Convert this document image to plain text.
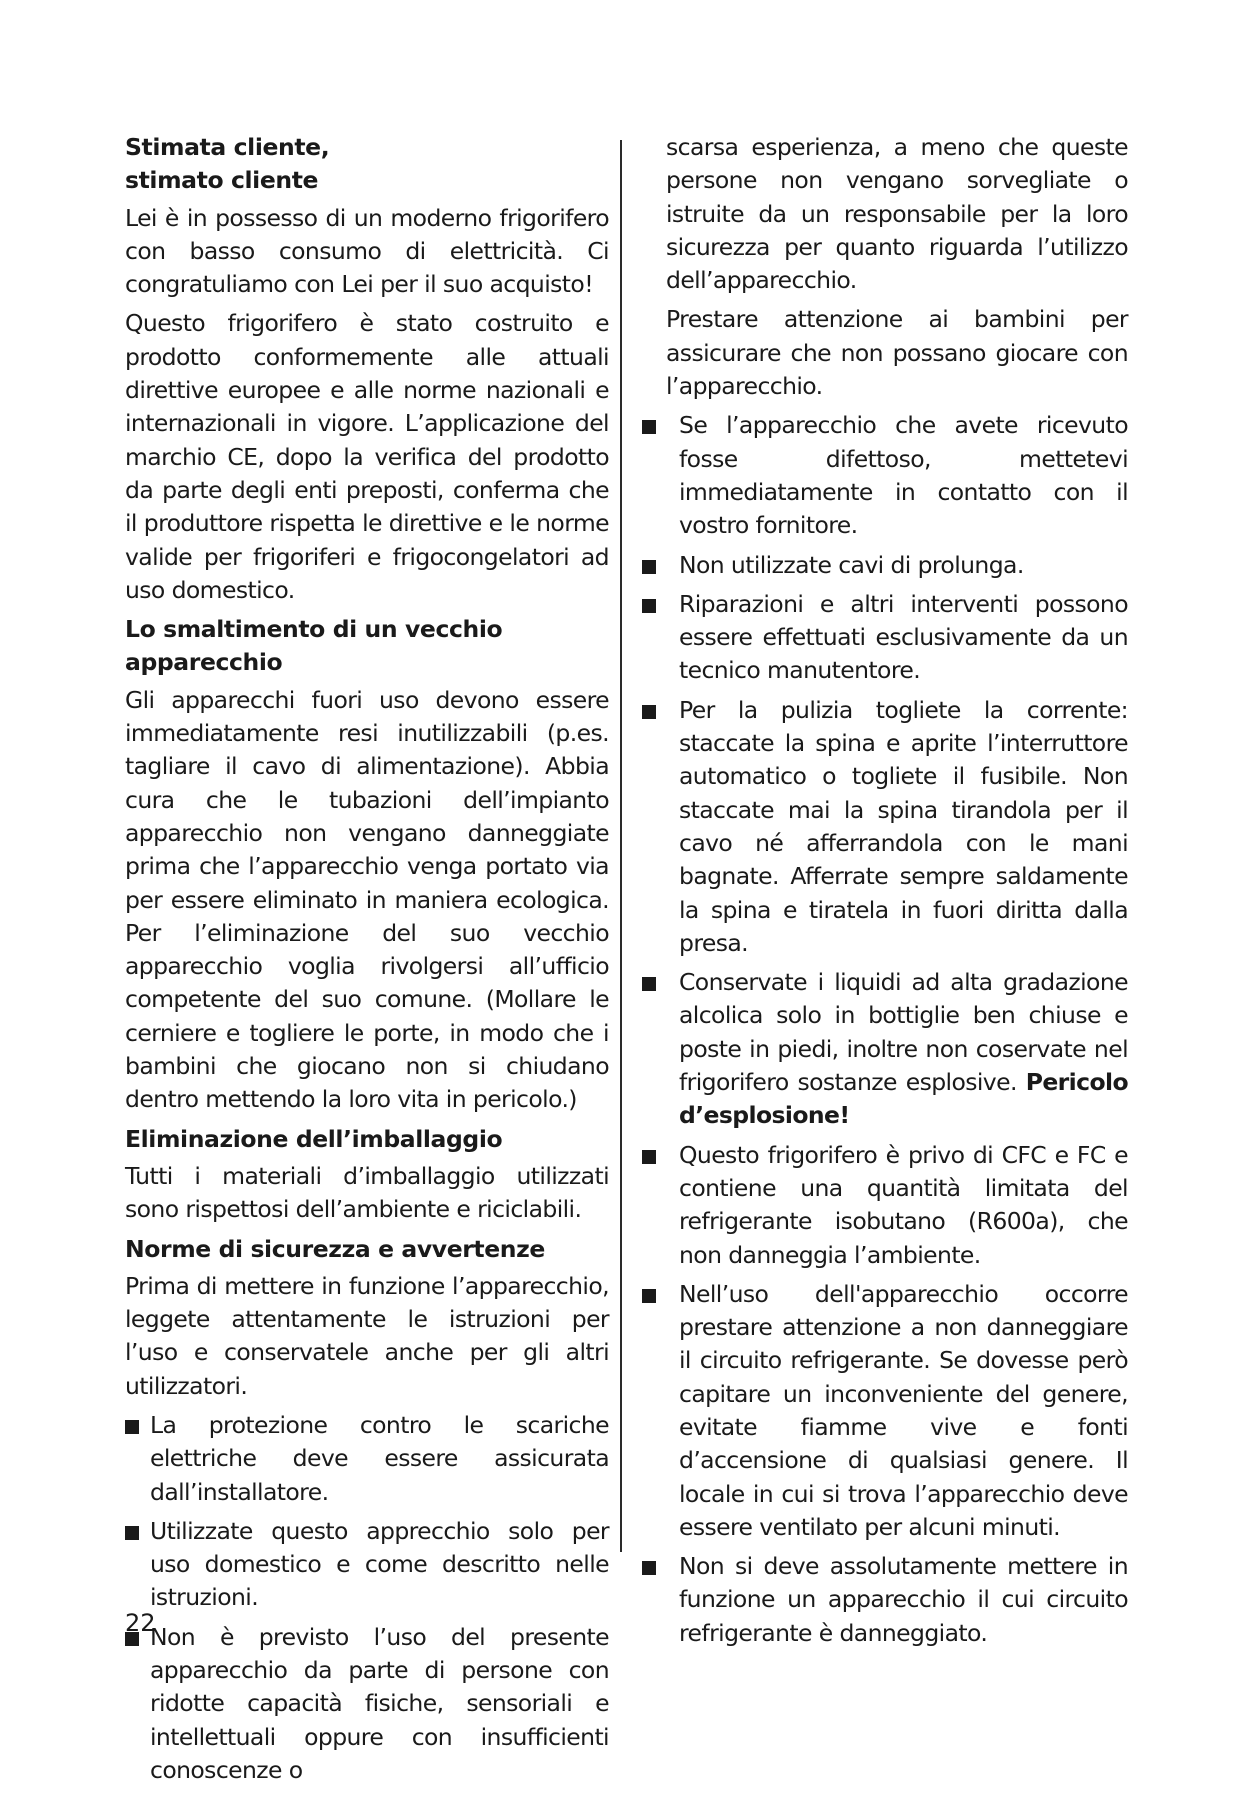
Stimata cliente,
stimato cliente

Lei è in possesso di un moderno frigorifero con basso consumo di elettricità. Ci congratuliamo con Lei per il suo acquisto!

Questo frigorifero è stato costruito e prodotto conformemente alle attuali direttive europee e alle norme nazionali e internazionali in vigore. L’applicazione del marchio CE, dopo la verifica del prodotto da parte degli enti preposti, conferma che il produttore rispetta le direttive e le norme valide per frigoriferi e frigocongelatori ad uso domestico.

Lo smaltimento di un vecchio apparecchio

Gli apparecchi fuori uso devono essere immediatamente resi inutilizzabili (p.es. tagliare il cavo di alimentazione). Abbia cura che le tubazioni dell’impianto apparecchio non vengano danneggiate prima che l’apparecchio venga portato via per essere eliminato in maniera ecologica. Per l’eliminazione del suo vecchio apparecchio voglia rivolgersi all’ufficio competente del suo comune. (Mollare le cerniere e togliere le porte, in modo che i bambini che giocano non si chiudano dentro mettendo la loro vita in pericolo.)

Eliminazione dell’imballaggio

Tutti i materiali d’imballaggio utilizzati sono rispettosi dell’ambiente e riciclabili.

Norme di sicurezza e avvertenze

Prima di mettere in funzione l’apparecchio, leggete attentamente le istruzioni per l’uso e conservatele anche per gli altri utilizzatori.

La protezione contro le scariche elettriche deve essere assicurata dall’installatore.
Utilizzate questo apprecchio solo per uso domestico e come descritto nelle istruzioni.
Non è previsto l’uso del presente apparecchio da parte di persone con ridotte capacità fisiche, sensoriali e intellettuali oppure con insufficienti conoscenze o

scarsa esperienza, a meno che queste persone non vengano sorvegliate o istruite da un responsabile per la loro sicurezza per quanto riguarda l’utilizzo dell’apparecchio.

Prestare attenzione ai bambini per assicurare che non possano giocare con l’apparecchio.

Se l’apparecchio che avete ricevuto fosse difettoso, mettetevi immediatamente in contatto con il vostro fornitore.
Non utilizzate cavi di prolunga.
Riparazioni e altri interventi possono essere effettuati esclusivamente da un tecnico manutentore.
Per la pulizia togliete la corrente: staccate la spina e aprite l’interruttore automatico o togliete il fusibile. Non staccate mai la spina tirandola per il cavo né afferrandola con le mani bagnate. Afferrate sempre saldamente la spina e tiratela in fuori diritta dalla presa.
Conservate i liquidi ad alta gradazione alcolica solo in bottiglie ben chiuse e poste in piedi, inoltre non coservate nel frigorifero sostanze esplosive. Pericolo d’esplosione!
Questo frigorifero è privo di CFC e FC e contiene una quantità limitata del refrigerante isobutano (R600a), che non danneggia l’ambiente.
Nell’uso dell'apparecchio occorre prestare attenzione a non danneggiare il circuito refrigerante. Se dovesse però capitare un inconveniente del genere, evitate fiamme vive e fonti d’accensione di qualsiasi genere. Il locale in cui si trova l’apparecchio deve essere ventilato per alcuni minuti.
Non si deve assolutamente mettere in funzione un apparecchio il cui circuito refrigerante è danneggiato.
22
